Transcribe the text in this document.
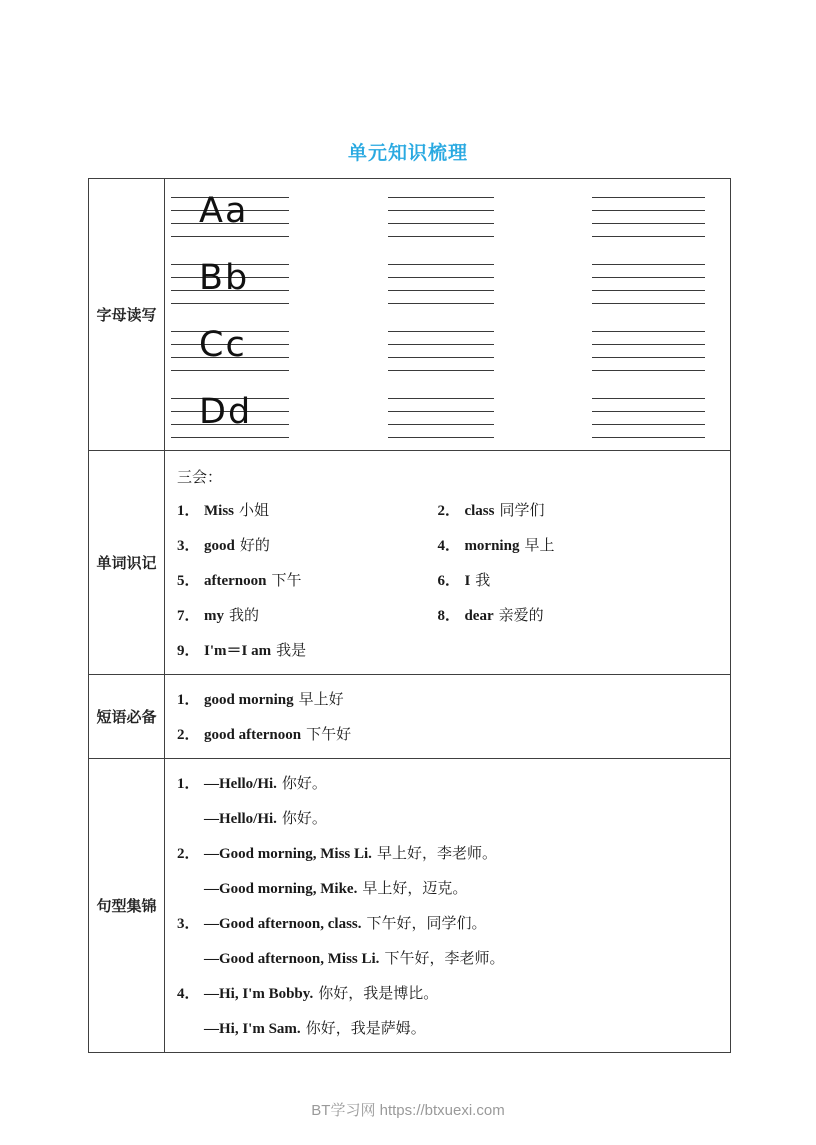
单元知识梳理
字母读写
Aa
Bb
Cc
Dd
单词识记
三会：
1． Miss 小姐	2． class 同学们
3． good 好的	4． morning 早上
5． afternoon 下午	6． I 我
7． my 我的	8． dear 亲爱的
9． I'm＝I am 我是
短语必备
1． good morning 早上好
2． good afternoon 下午好
句型集锦
1． —Hello/Hi. 你好。
—Hello/Hi. 你好。
2． —Good morning, Miss Li. 早上好，李老师。
—Good morning, Mike. 早上好，迈克。
3． —Good afternoon, class. 下午好，同学们。
—Good afternoon, Miss Li. 下午好，李老师。
4． —Hi, I'm Bobby. 你好，我是博比。
—Hi, I'm Sam. 你好，我是萨姆。
BT学习网 https://btxuexi.com
